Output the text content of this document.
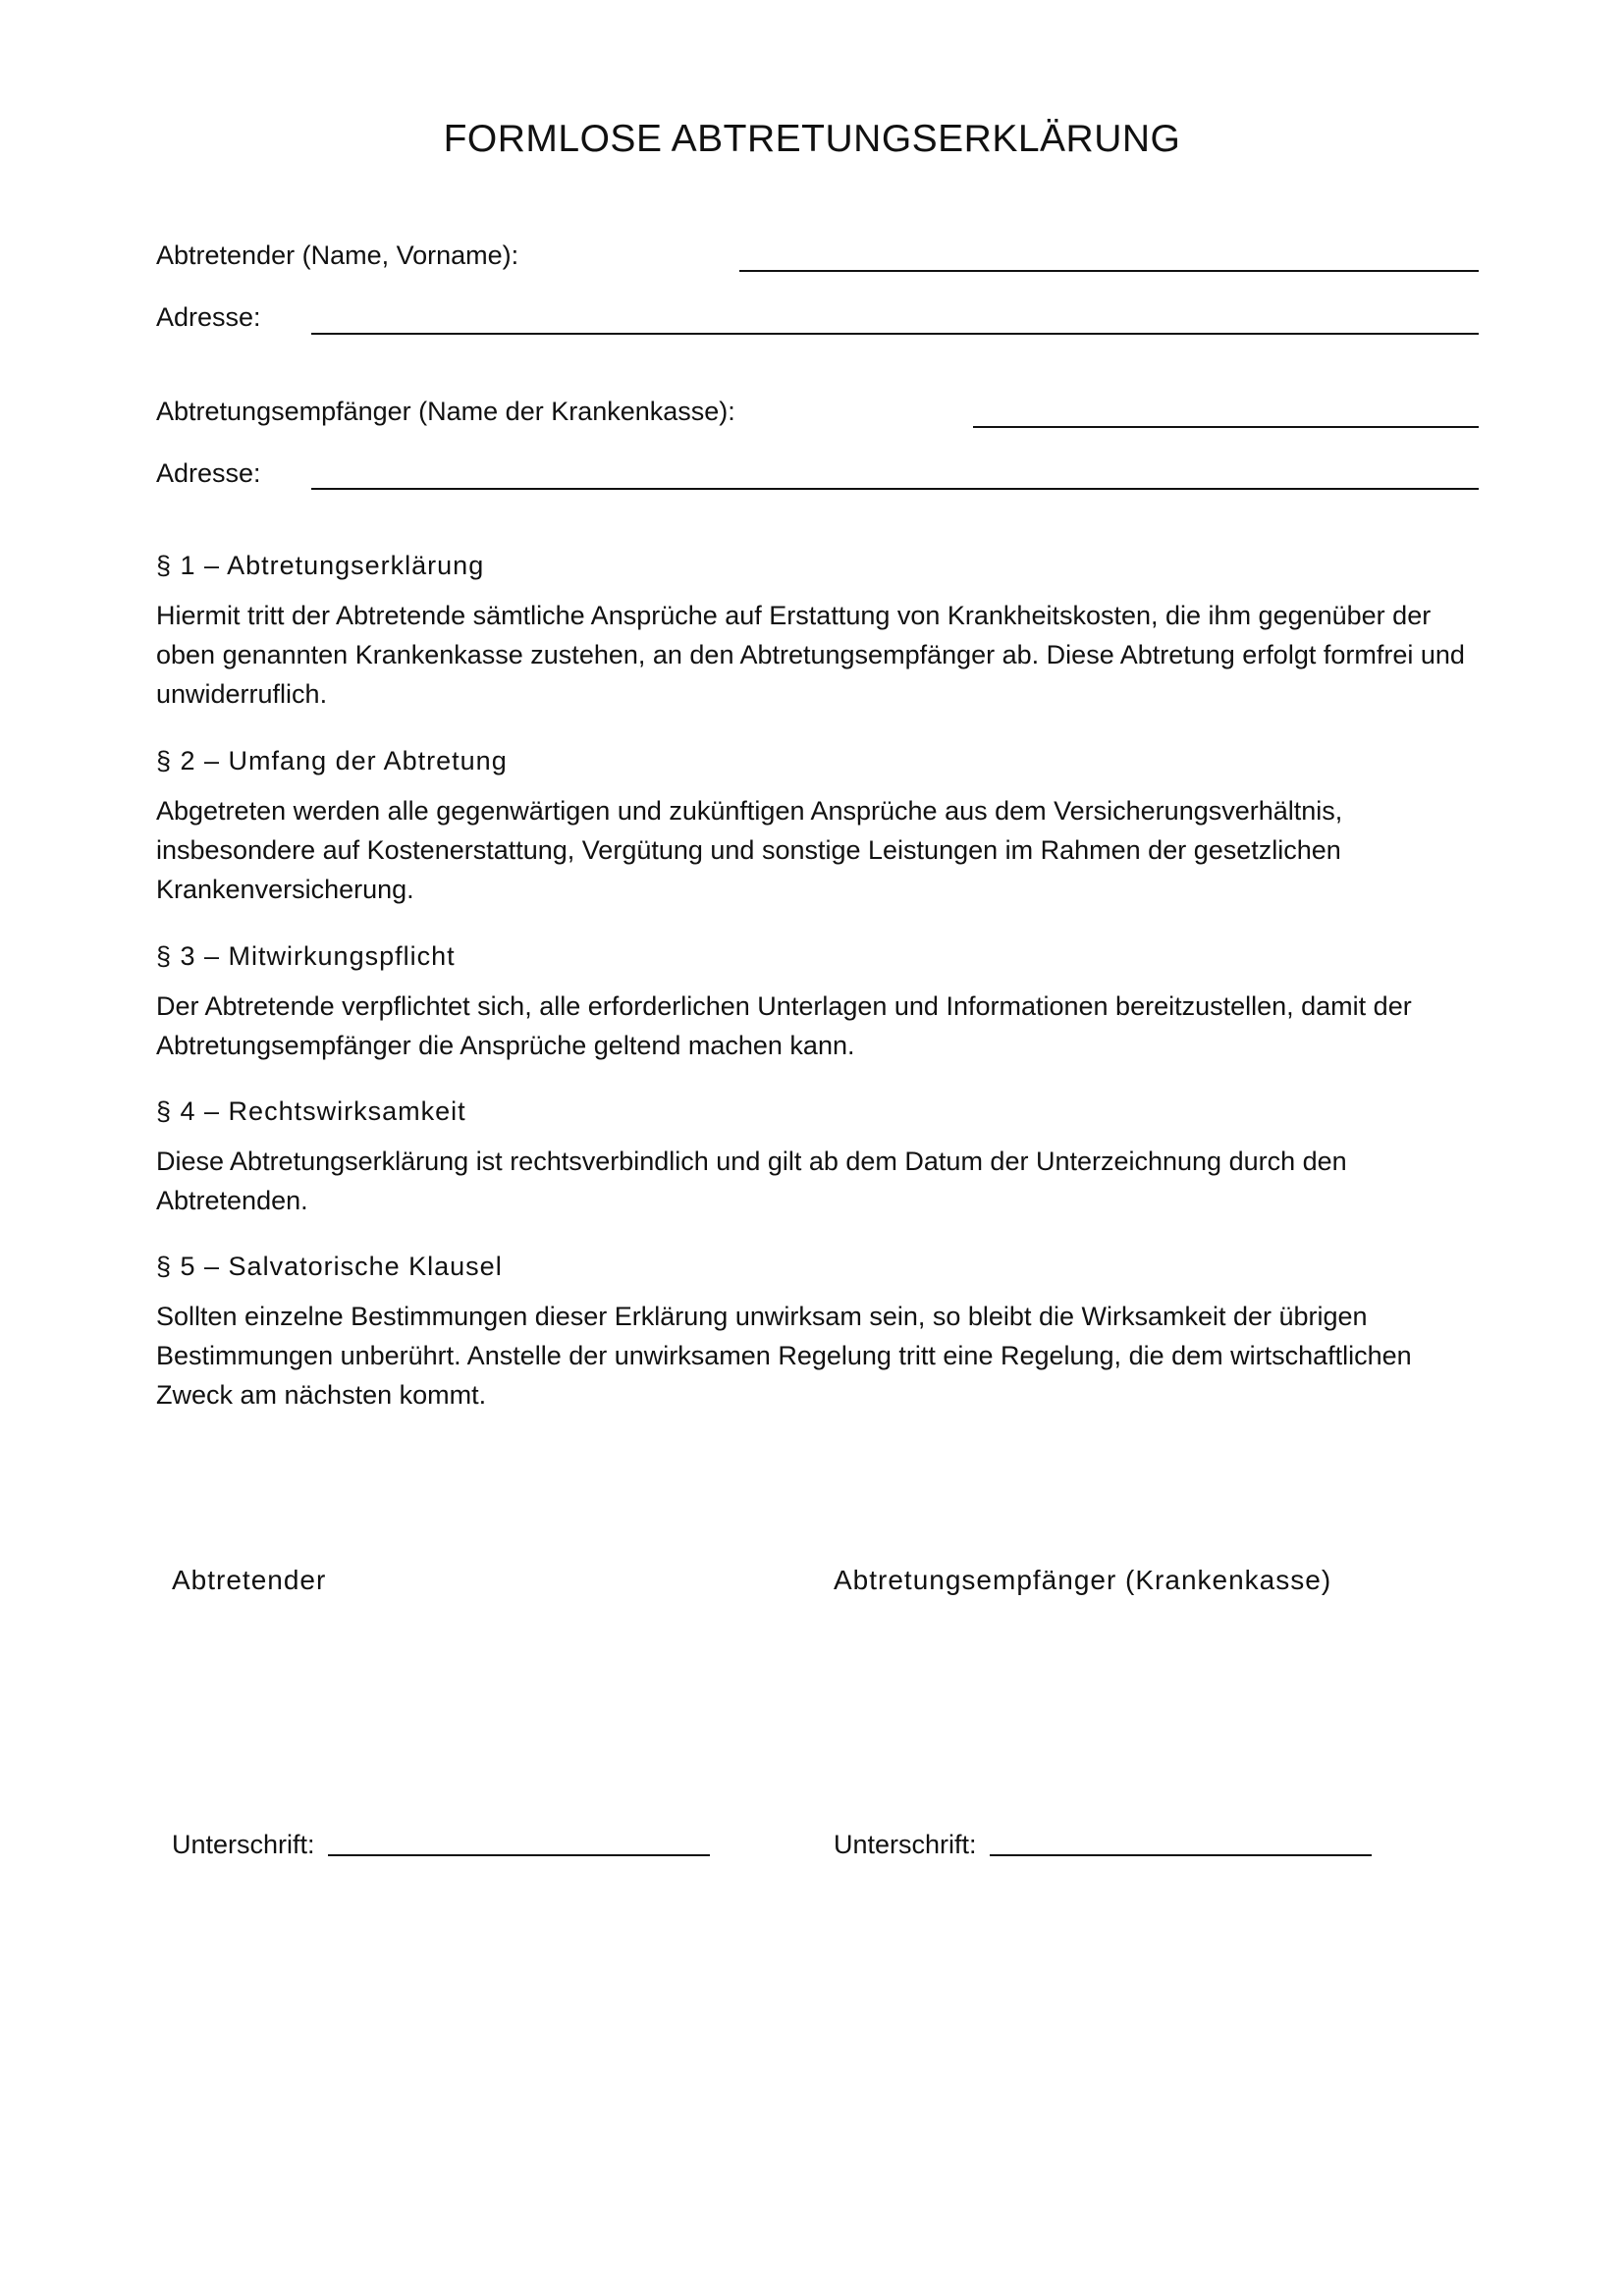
FORMLOSE ABTRETUNGSERKLÄRUNG
Abtretender (Name, Vorname):
Adresse:
Abtretungsempfänger (Name der Krankenkasse):
Adresse:
§ 1 – Abtretungserklärung

Hiermit tritt der Abtretende sämtliche Ansprüche auf Erstattung von Krankheitskosten, die ihm gegenüber der oben genannten Krankenkasse zustehen, an den Abtretungsempfänger ab. Diese Abtretung erfolgt formfrei und unwiderruflich.

§ 2 – Umfang der Abtretung

Abgetreten werden alle gegenwärtigen und zukünftigen Ansprüche aus dem Versicherungsverhältnis, insbesondere auf Kostenerstattung, Vergütung und sonstige Leistungen im Rahmen der gesetzlichen Krankenversicherung.

§ 3 – Mitwirkungspflicht

Der Abtretende verpflichtet sich, alle erforderlichen Unterlagen und Informationen bereitzustellen, damit der Abtretungsempfänger die Ansprüche geltend machen kann.

§ 4 – Rechtswirksamkeit

Diese Abtretungserklärung ist rechtsverbindlich und gilt ab dem Datum der Unterzeichnung durch den Abtretenden.

§ 5 – Salvatorische Klausel

Sollten einzelne Bestimmungen dieser Erklärung unwirksam sein, so bleibt die Wirksamkeit der übrigen Bestimmungen unberührt. Anstelle der unwirksamen Regelung tritt eine Regelung, die dem wirtschaftlichen Zweck am nächsten kommt.

Abtretender	Abtretungsempfänger (Krankenkasse)
Unterschrift:	Unterschrift:
